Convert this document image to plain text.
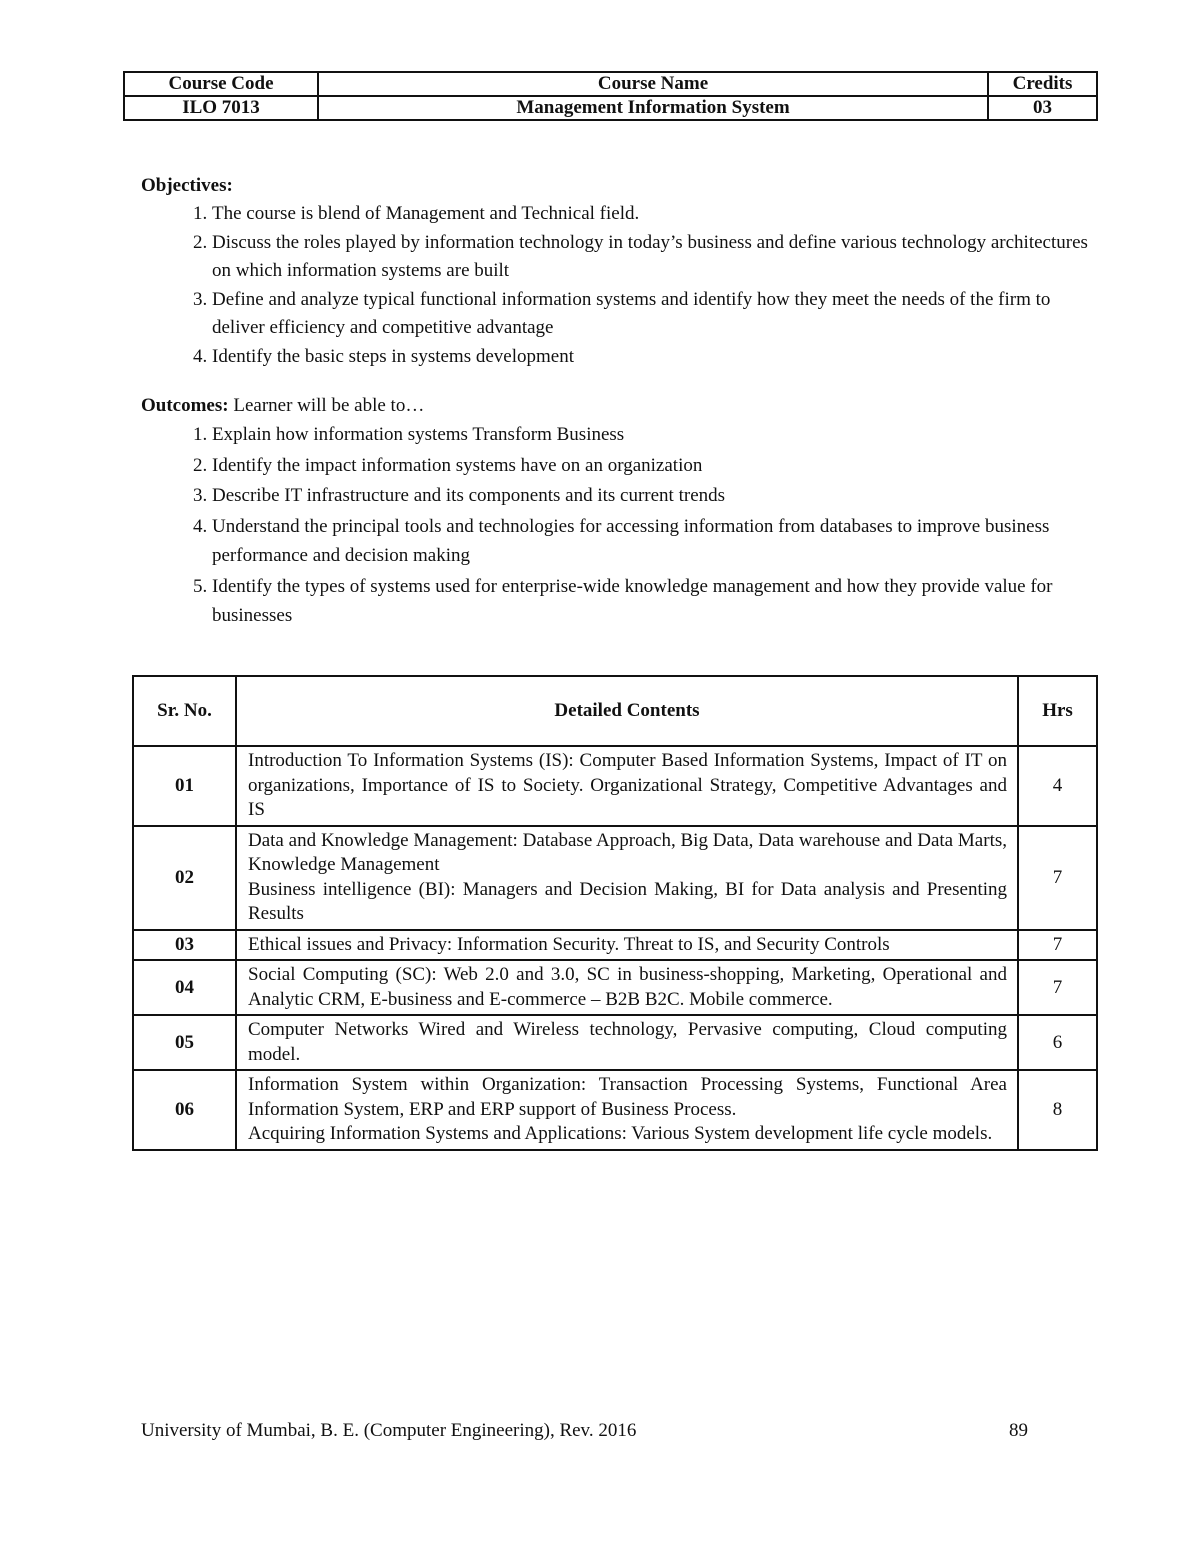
Course Code	Course Name	Credits
ILO 7013	Management Information System	03

Objectives:

1. The course is blend of Management and Technical field.
2. Discuss the roles played by information technology in today’s business and define various technology architectures on which information systems are built
3. Define and analyze typical functional information systems and identify how they meet the needs of the firm to deliver efficiency and competitive advantage
4. Identify the basic steps in systems development

Outcomes: Learner will be able to…

1. Explain how information systems Transform Business
2. Identify the impact information systems have on an organization
3. Describe IT infrastructure and its components and its current trends
4. Understand the principal tools and technologies for accessing information from databases to improve business performance and decision making
5. Identify the types of systems used for enterprise-wide knowledge management and how they provide value for businesses
Sr. No.	Detailed Contents	Hrs
01	Introduction To Information Systems (IS): Computer Based Information Systems, Impact of IT on organizations, Importance of IS to Society. Organizational Strategy, Competitive Advantages and IS	4
02	Data and Knowledge Management: Database Approach, Big Data, Data warehouse and Data Marts, Knowledge Management
Business intelligence (BI): Managers and Decision Making, BI for Data analysis and Presenting Results	7
03	Ethical issues and Privacy: Information Security. Threat to IS, and Security Controls	7
04	Social Computing (SC): Web 2.0 and 3.0, SC in business-shopping, Marketing, Operational and Analytic CRM, E-business and E-commerce – B2B B2C. Mobile commerce.	7
05	Computer Networks Wired and Wireless technology, Pervasive computing, Cloud computing model.	6
06	Information System within Organization: Transaction Processing Systems, Functional Area Information System, ERP and ERP support of Business Process.
Acquiring Information Systems and Applications: Various System development life cycle models.	8
University of Mumbai, B. E. (Computer Engineering), Rev. 2016	89
